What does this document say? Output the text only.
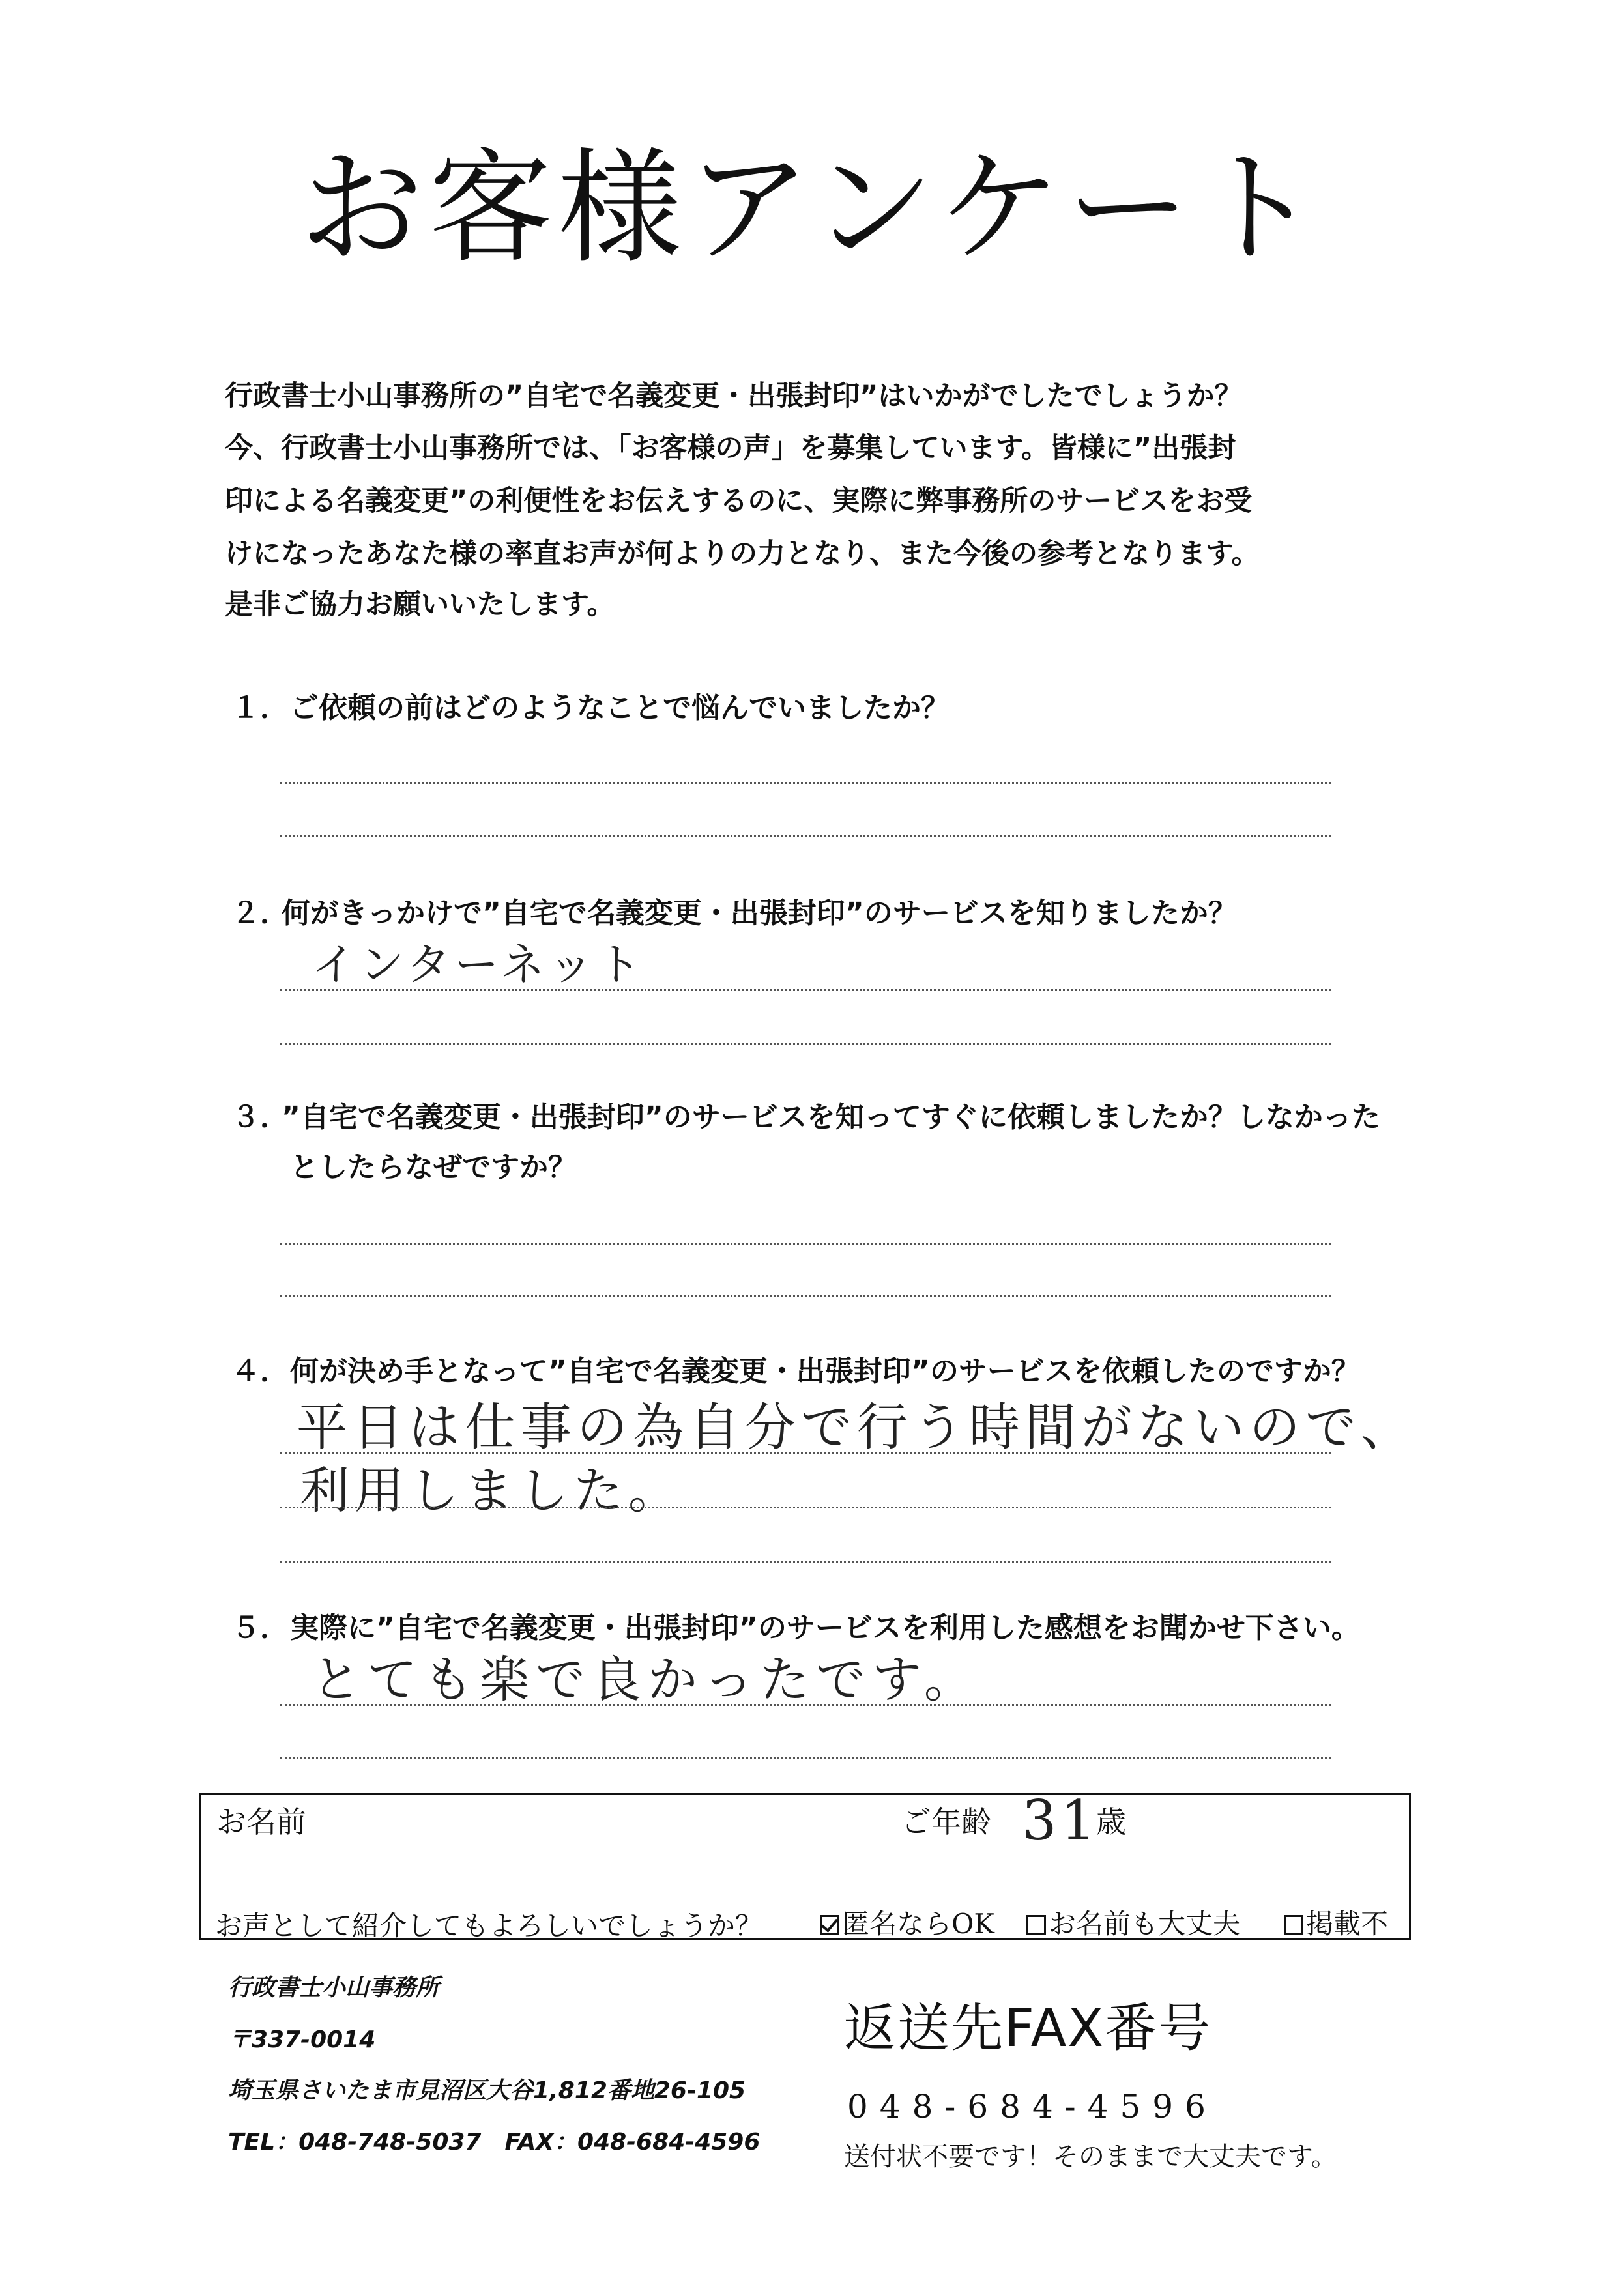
お客様アンケート
行政書士小山事務所の”自宅で名義変更・出張封印”はいかがでしたでしょうか？
今、行政書士小山事務所では、「お客様の声」を募集しています。皆様に”出張封
印による名義変更”の利便性をお伝えするのに、実際に弊事務所のサービスをお受
けになったあなた様の率直お声が何よりの力となり、また今後の参考となります。
是非ご協力お願いいたします。
１． ご依頼の前はどのようなことで悩んでいましたか？
２．
何がきっかけで”自宅で名義変更・出張封印”のサービスを知りましたか？
インターネット
３．
”自宅で名義変更・出張封印”のサービスを知ってすぐに依頼しましたか？しなかった
としたらなぜですか？
４． 何が決め手となって”自宅で名義変更・出張封印”のサービスを依頼したのですか？
平日は仕事の為自分で行う時間がないので、
利用しました。
５． 実際に”自宅で名義変更・出張封印”のサービスを利用した感想をお聞かせ下さい。
とても楽で良かったです。
お名前	ご年齢 31
歳
お声として紹介してもよろしいでしょうか？	匿名ならOK	お名前も大丈夫	掲載不
行政書士小山事務所
〒337-0014
埼玉県さいたま市見沼区大谷1,812番地26-105
TEL：048-748-5037　FAX：048-684-4596
返送先FAX番号
048-684-4596
送付状不要です！そのままで大丈夫です。
